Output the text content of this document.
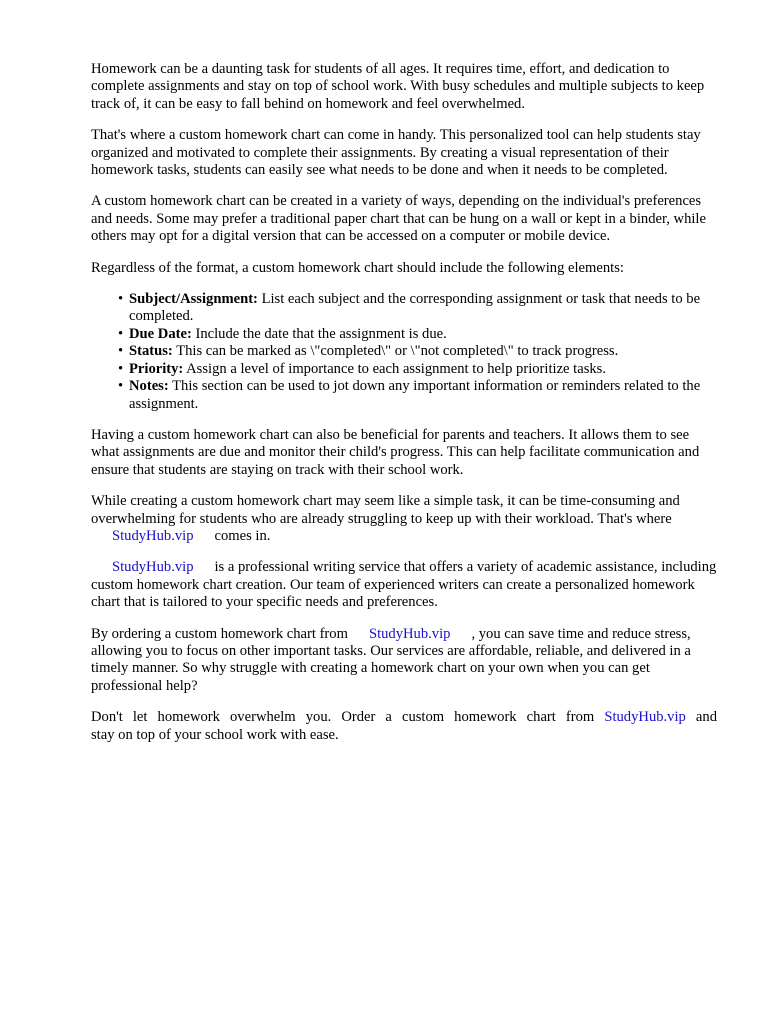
Homework can be a daunting task for students of all ages. It requires time, effort, and dedication to complete assignments and stay on top of school work. With busy schedules and multiple subjects to keep track of, it can be easy to fall behind on homework and feel overwhelmed.

That's where a custom homework chart can come in handy. This personalized tool can help students stay organized and motivated to complete their assignments. By creating a visual representation of their homework tasks, students can easily see what needs to be done and when it needs to be completed.

A custom homework chart can be created in a variety of ways, depending on the individual's preferences and needs. Some may prefer a traditional paper chart that can be hung on a wall or kept in a binder, while others may opt for a digital version that can be accessed on a computer or mobile device.

Regardless of the format, a custom homework chart should include the following elements:

• Subject/Assignment: List each subject and the corresponding assignment or task that needs to be completed.
• Due Date: Include the date that the assignment is due.
• Status: This can be marked as \"completed\" or \"not completed\" to track progress.
• Priority: Assign a level of importance to each assignment to help prioritize tasks.
• Notes: This section can be used to jot down any important information or reminders related to the assignment.

Having a custom homework chart can also be beneficial for parents and teachers. It allows them to see what assignments are due and monitor their child's progress. This can help facilitate communication and ensure that students are staying on track with their school work.

While creating a custom homework chart may seem like a simple task, it can be time-consuming and overwhelming for students who are already struggling to keep up with their workload. That's where
StudyHub.vip comes in.

StudyHub.vip is a professional writing service that offers a variety of academic assistance, including custom homework chart creation. Our team of experienced writers can create a personalized homework chart that is tailored to your specific needs and preferences.

By ordering a custom homework chart from StudyHub.vip , you can save time and reduce stress, allowing you to focus on other important tasks. Our services are affordable, reliable, and delivered in a timely manner. So why struggle with creating a homework chart on your own when you can get professional help?

Don't let homework overwhelm you. Order a custom homework chart from StudyHub.vip and
stay on top of your school work with ease.
